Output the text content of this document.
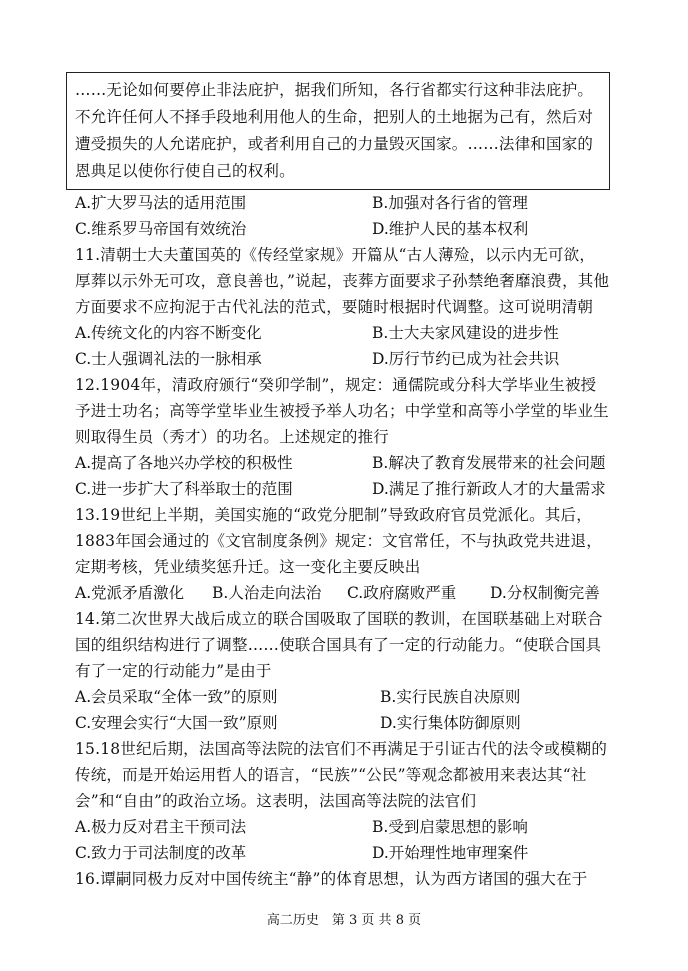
……无论如何要停止非法庇护，据我们所知，各行省都实行这种非法庇护。
不允许任何人不择手段地利用他人的生命，把别人的土地据为己有，然后对
遭受损失的人允诺庇护，或者利用自己的力量毁灭国家。……法律和国家的
恩典足以使你行使自己的权利。
A.扩大罗马法的适用范围	B.加强对各行省的管理
C.维系罗马帝国有效统治	D.维护人民的基本权利
11.清朝士大夫董国英的《传经堂家规》开篇从“古人薄殓，以示内无可欲，
厚葬以示外无可攻，意良善也，”说起，丧葬方面要求子孙禁绝奢靡浪费，其他
方面要求不应拘泥于古代礼法的范式，要随时根据时代调整。这可说明清朝
A.传统文化的内容不断变化	B.士大夫家风建设的进步性
C.士人强调礼法的一脉相承	D.厉行节约已成为社会共识
12.1904年，清政府颁行“癸卯学制”，规定：通儒院或分科大学毕业生被授
予进士功名；高等学堂毕业生被授予举人功名；中学堂和高等小学堂的毕业生
则取得生员（秀才）的功名。上述规定的推行
A.提高了各地兴办学校的积极性	B.解决了教育发展带来的社会问题
C.进一步扩大了科举取士的范围	D.满足了推行新政人才的大量需求
13.19世纪上半期，美国实施的“政党分肥制”导致政府官员党派化。其后，
1883年国会通过的《文官制度条例》规定：文官常任，不与执政党共进退，
定期考核，凭业绩奖惩升迁。这一变化主要反映出
A.党派矛盾激化 B.人治走向法治 C.政府腐败严重 D.分权制衡完善
14.第二次世界大战后成立的联合国吸取了国联的教训，在国联基础上对联合
国的组织结构进行了调整……使联合国具有了一定的行动能力。“使联合国具
有了一定的行动能力”是由于
A.会员采取“全体一致”的原则	B.实行民族自决原则
C.安理会实行“大国一致”原则	D.实行集体防御原则
15.18世纪后期，法国高等法院的法官们不再满足于引证古代的法令或模糊的
传统，而是开始运用哲人的语言，“民族”“公民”等观念都被用来表达其“社
会”和“自由”的政治立场。这表明，法国高等法院的法官们
A.极力反对君主干预司法	B.受到启蒙思想的影响
C.致力于司法制度的改革	D.开始理性地审理案件
16.谭嗣同极力反对中国传统主“静”的体育思想，认为西方诸国的强大在于
高二历史　第 3 页 共 8 页
